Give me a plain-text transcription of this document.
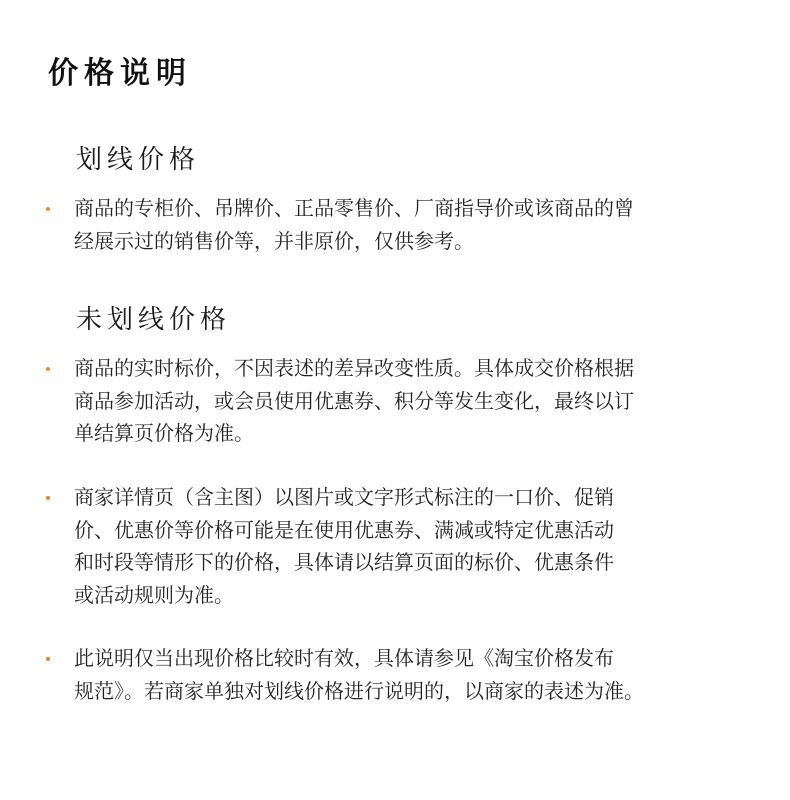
价格说明
划线价格
商品的专柜价、吊牌价、正品零售价、厂商指导价或该商品的曾
经展示过的销售价等，并非原价，仅供参考。
未划线价格
商品的实时标价，不因表述的差异改变性质。具体成交价格根据
商品参加活动，或会员使用优惠券、积分等发生变化，最终以订
单结算页价格为准。
商家详情页（含主图）以图片或文字形式标注的一口价、促销
价、优惠价等价格可能是在使用优惠券、满减或特定优惠活动
和时段等情形下的价格，具体请以结算页面的标价、优惠条件
或活动规则为准。
此说明仅当出现价格比较时有效，具体请参见《淘宝价格发布
规范》。若商家单独对划线价格进行说明的，以商家的表述为准。
